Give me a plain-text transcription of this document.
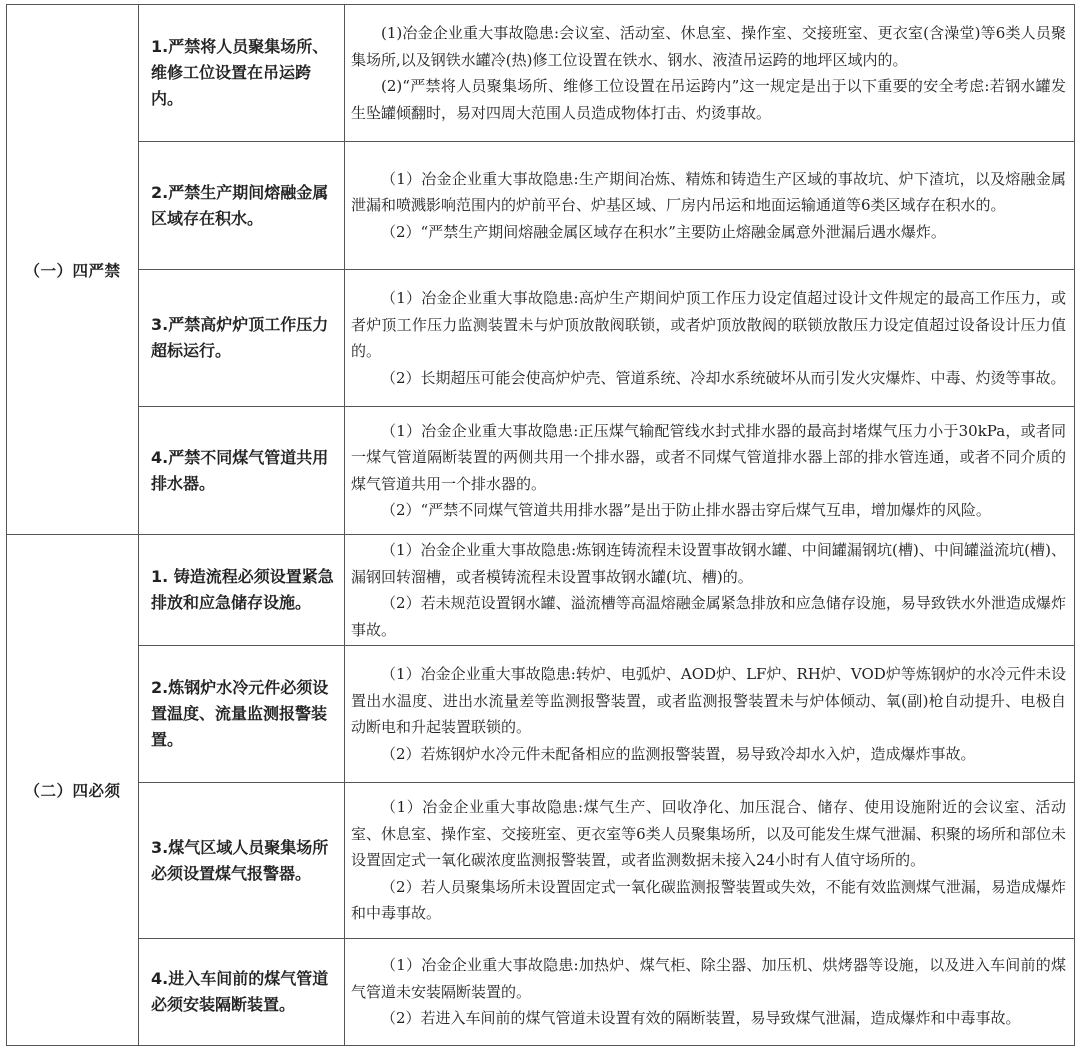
（一）四严禁	1.严禁将人员聚集场所、维修工位设置在吊运跨内。	(1)冶金企业重大事故隐患:会议室、活动室、休息室、操作室、交接班室、更衣室(含澡堂)等6类人员聚集场所,以及钢铁水罐冷(热)修工位设置在铁水、钢水、液渣吊运跨的地坪区域内的。

(2)“严禁将人员聚集场所、维修工位设置在吊运跨内”这一规定是出于以下重要的安全考虑:若钢水罐发生坠罐倾翻时，易对四周大范围人员造成物体打击、灼烫事故。

	2.严禁生产期间熔融金属区域存在积水。	（1）冶金企业重大事故隐患:生产期间冶炼、精炼和铸造生产区域的事故坑、炉下渣坑，以及熔融金属泄漏和喷溅影响范围内的炉前平台、炉基区域、厂房内吊运和地面运输通道等6类区域存在积水的。

（2）“严禁生产期间熔融金属区域存在积水”主要防止熔融金属意外泄漏后遇水爆炸。

	3.严禁高炉炉顶工作压力超标运行。	（1）冶金企业重大事故隐患:高炉生产期间炉顶工作压力设定值超过设计文件规定的最高工作压力，或者炉顶工作压力监测装置未与炉顶放散阀联锁，或者炉顶放散阀的联锁放散压力设定值超过设备设计压力值的。

（2）长期超压可能会使高炉炉壳、管道系统、冷却水系统破坏从而引发火灾爆炸、中毒、灼烫等事故。

	4.严禁不同煤气管道共用排水器。	（1）冶金企业重大事故隐患:正压煤气输配管线水封式排水器的最高封堵煤气压力小于30kPa，或者同一煤气管道隔断装置的两侧共用一个排水器，或者不同煤气管道排水器上部的排水管连通，或者不同介质的煤气管道共用一个排水器的。

（2）“严禁不同煤气管道共用排水器”是出于防止排水器击穿后煤气互串，增加爆炸的风险。

（二）四必须	1. 铸造流程必须设置紧急排放和应急储存设施。	（1）冶金企业重大事故隐患:炼钢连铸流程未设置事故钢水罐、中间罐漏钢坑(槽)、中间罐溢流坑(槽)、漏钢回转溜槽，或者模铸流程未设置事故钢水罐(坑、槽)的。

（2）若未规范设置钢水罐、溢流槽等高温熔融金属紧急排放和应急储存设施，易导致铁水外泄造成爆炸事故。

	2.炼钢炉水冷元件必须设置温度、流量监测报警装置。	（1）冶金企业重大事故隐患:转炉、电弧炉、AOD炉、LF炉、RH炉、VOD炉等炼钢炉的水冷元件未设置出水温度、进出水流量差等监测报警装置，或者监测报警装置未与炉体倾动、氧(副)枪自动提升、电极自动断电和升起装置联锁的。

（2）若炼钢炉水冷元件未配备相应的监测报警装置，易导致冷却水入炉，造成爆炸事故。

	3.煤气区域人员聚集场所必须设置煤气报警器。	（1）冶金企业重大事故隐患:煤气生产、回收净化、加压混合、储存、使用设施附近的会议室、活动室、休息室、操作室、交接班室、更衣室等6类人员聚集场所，以及可能发生煤气泄漏、积聚的场所和部位未设置固定式一氧化碳浓度监测报警装置，或者监测数据未接入24小时有人值守场所的。

（2）若人员聚集场所未设置固定式一氧化碳监测报警装置或失效，不能有效监测煤气泄漏，易造成爆炸和中毒事故。

	4.进入车间前的煤气管道必须安装隔断装置。	（1）冶金企业重大事故隐患:加热炉、煤气柜、除尘器、加压机、烘烤器等设施，以及进入车间前的煤气管道未安装隔断装置的。

（2）若进入车间前的煤气管道未设置有效的隔断装置，易导致煤气泄漏，造成爆炸和中毒事故。
